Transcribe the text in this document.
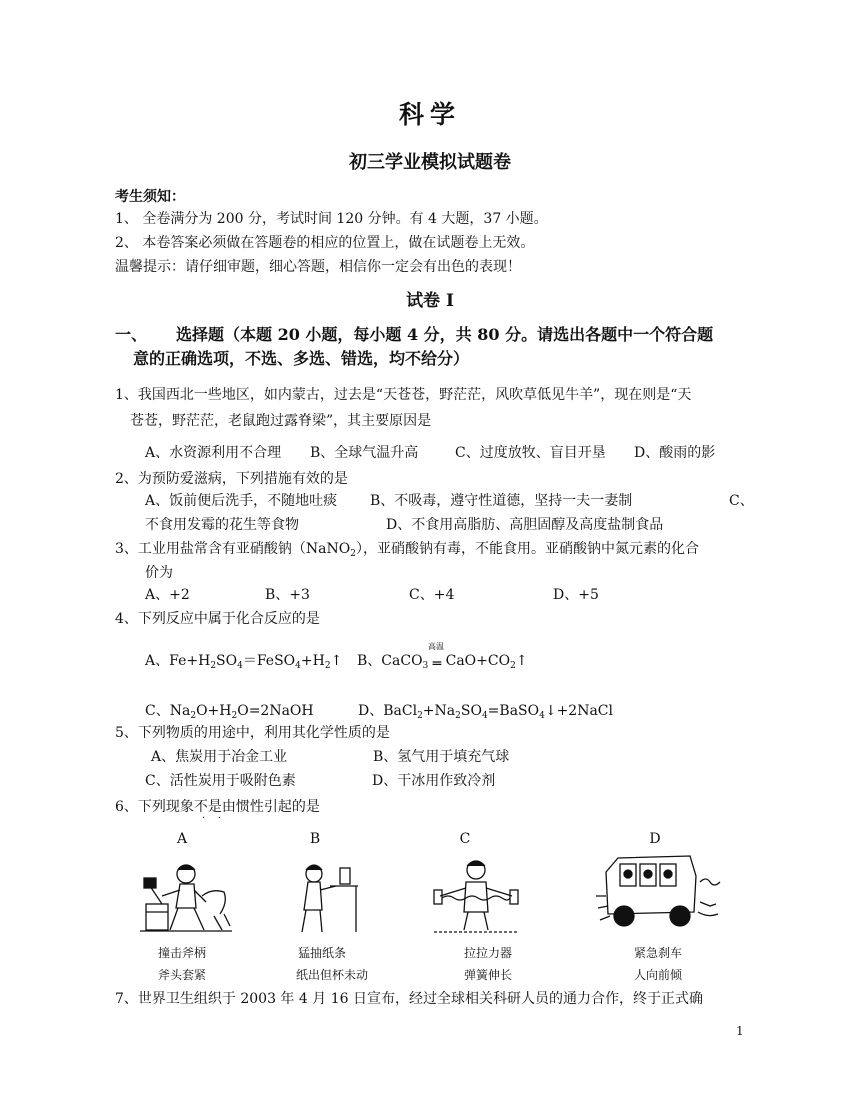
科学
初三学业模拟试题卷
考生须知：
1、 全卷满分为 200 分，考试时间 120 分钟。有 4 大题，37 小题。
2、 本卷答案必须做在答题卷的相应的位置上，做在试题卷上无效。
温馨提示：请仔细审题，细心答题，相信你一定会有出色的表现！
试卷 I
一、 选择题（本题 20 小题，每小题 4 分，共 80 分。请选出各题中一个符合题
意的正确选项，不选、多选、错选，均不给分）
1、我国西北一些地区，如内蒙古，过去是“天苍苍，野茫茫，风吹草低见牛羊”，现在则是“天
苍苍，野茫茫，老鼠跑过露脊梁”，其主要原因是
A、水资源利用不合理 B、全球气温升高	C、过度放牧、盲目开垦 D、酸雨的影
2、为预防爱滋病，下列措施有效的是
A、饭前便后洗手，不随地吐痰 B、不吸毒，遵守性道德，坚持一夫一妻制	C、
不食用发霉的花生等食物	D、不食用高脂肪、高胆固醇及高度盐制食品
3、工业用盐常含有亚硝酸钠（NaNO$_2$），亚硝酸钠有毒，不能食用。亚硝酸钠中氮元素的化合
价为
A、+2	B、+3	C、+4	D、+5
4、下列反应中属于化合反应的是
A、$Fe+H_2SO_4=FeSO_4+H_2↑$
高温
B、CaCO$_3$ ═ $CaO+CO_2↑$
C、$Na_2O+H_2O=2NaOH$	D、$BaCl_2+Na_2SO_4=BaSO_4↓+2NaCl$
5、下列物质的用途中，利用其化学性质的是
A、焦炭用于冶金工业	B、氢气用于填充气球
C、活性炭用于吸附色素	D、干冰用作致冷剂
6、下列现象不是由惯性引起的是
·    ·
A	B	C	D
撞击斧柄
斧头套紧
猛抽纸条
纸出但杯未动
拉拉力器
弹簧伸长
紧急刹车
人向前倾
7、世界卫生组织于 2003 年 4 月 16 日宣布，经过全球相关科研人员的通力合作，终于正式确
1
